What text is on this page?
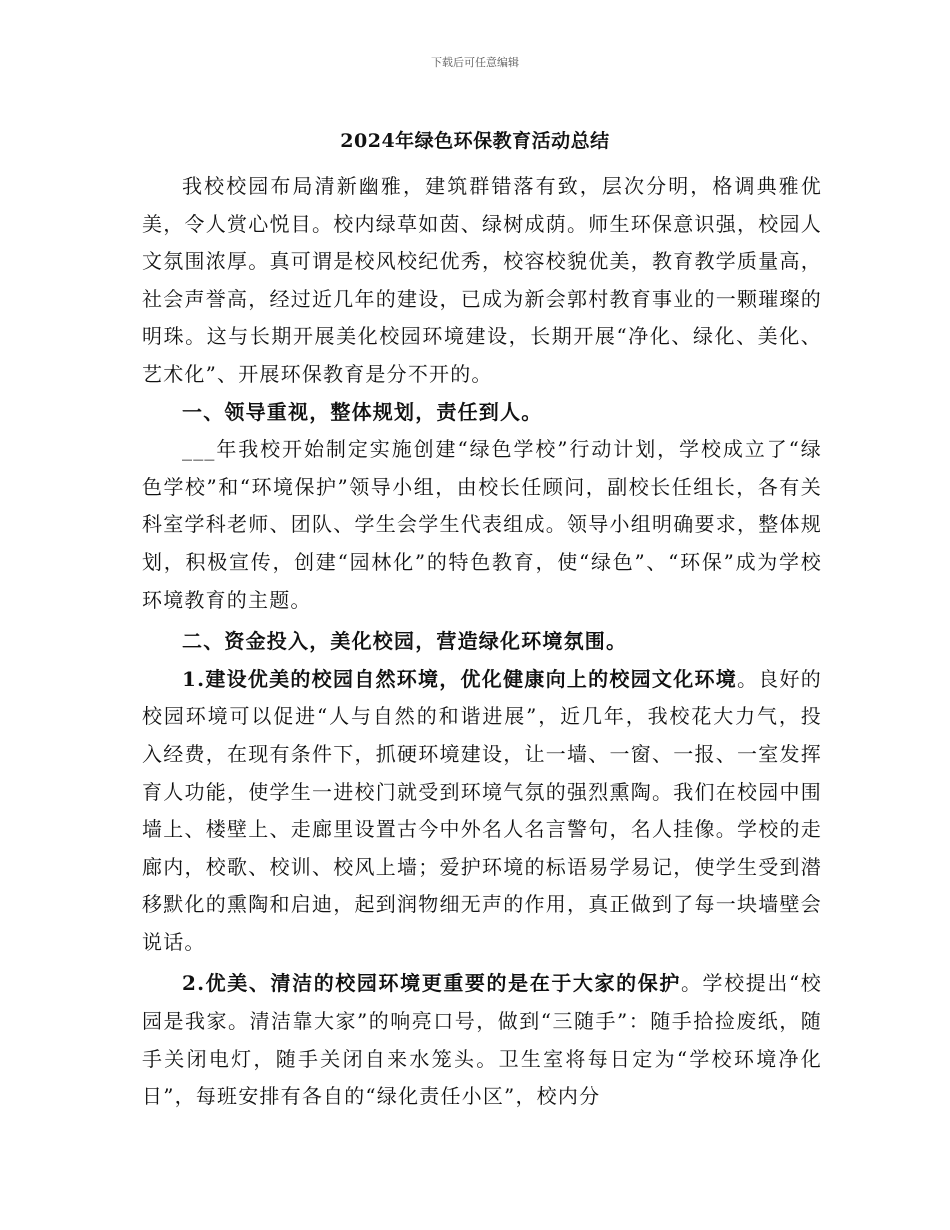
下载后可任意编辑
2024年绿色环保教育活动总结

我校校园布局清新幽雅，建筑群错落有致，层次分明，格调典雅优美，令人赏心悦目。校内绿草如茵、绿树成荫。师生环保意识强，校园人文氛围浓厚。真可谓是校风校纪优秀，校容校貌优美，教育教学质量高，社会声誉高，经过近几年的建设，已成为新会郭村教育事业的一颗璀璨的明珠。这与长期开展美化校园环境建设，长期开展“净化、绿化、美化、艺术化”、开展环保教育是分不开的。

一、领导重视，整体规划，责任到人。

___年我校开始制定实施创建“绿色学校”行动计划，学校成立了“绿色学校”和“环境保护”领导小组，由校长任顾问，副校长任组长，各有关科室学科老师、团队、学生会学生代表组成。领导小组明确要求，整体规划，积极宣传，创建“园林化”的特色教育，使“绿色”、“环保”成为学校环境教育的主题。

二、资金投入，美化校园，营造绿化环境氛围。

1.建设优美的校园自然环境，优化健康向上的校园文化环境。良好的校园环境可以促进“人与自然的和谐进展”，近几年，我校花大力气，投入经费，在现有条件下，抓硬环境建设，让一墙、一窗、一报、一室发挥育人功能，使学生一进校门就受到环境气氛的强烈熏陶。我们在校园中围墙上、楼壁上、走廊里设置古今中外名人名言警句，名人挂像。学校的走廊内，校歌、校训、校风上墙；爱护环境的标语易学易记，使学生受到潜移默化的熏陶和启迪，起到润物细无声的作用，真正做到了每一块墙壁会说话。

2.优美、清洁的校园环境更重要的是在于大家的保护。学校提出“校园是我家。清洁靠大家”的响亮口号，做到“三随手”：随手拾捡废纸，随手关闭电灯，随手关闭自来水笼头。卫生室将每日定为“学校环境净化日”，每班安排有各自的“绿化责任小区”，校内分
